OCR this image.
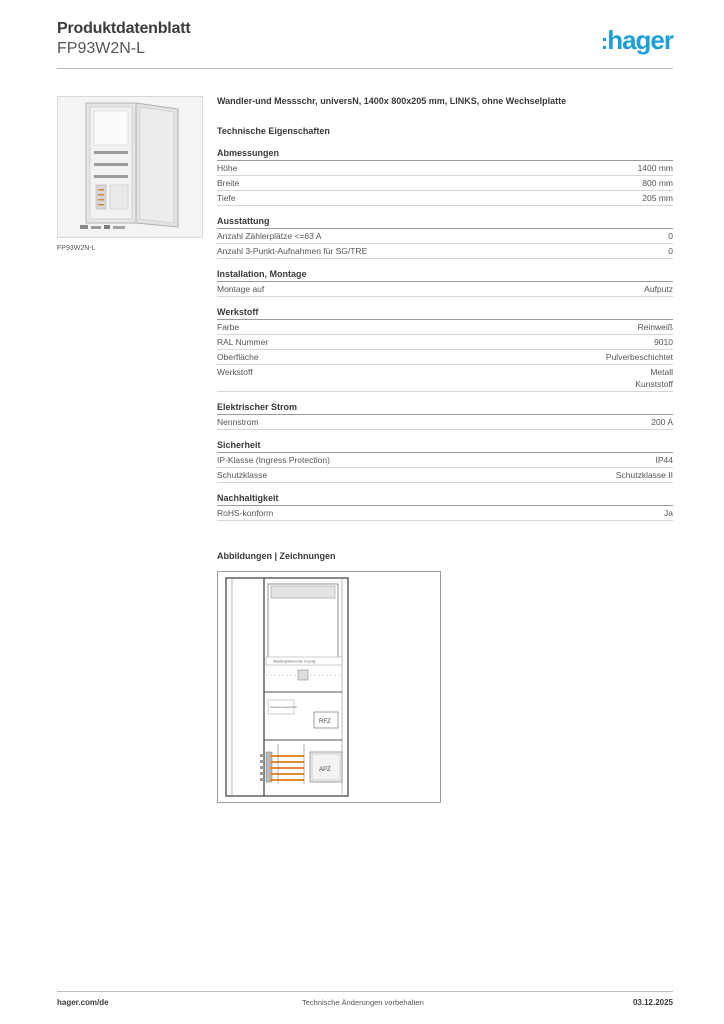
Produktdatenblatt
FP93W2N-L	:hager
FP93W2N-L
Wandler-und Messschr, universN, 1400x 800x205 mm, LINKS, ohne Wechselplatte
Technische Eigenschaften
Abmessungen
Höhe	1400 mm
Breite	800 mm
Tiefe	205 mm
Ausstattung
Anzahl Zählerplätze <=63 A	0
Anzahl 3-Punkt-Aufnahmen für SG/TRE	0
Installation, Montage
Montage auf	Aufputz
Werkstoff
Farbe	Reinweiß
RAL Nummer	9010
Oberfläche	Pulverbeschichtet
Werkstoff	Metall
Kunststoff
Elektrischer Strom
Nennstrom	200 A
Sicherheit
IP-Klasse (Ingress Protection)	IP44
Schutzklasse	Schutzklasse II
Nachhaltigkeit
RoHS-konform	Ja
Abbildungen | Zeichnungen
Wandlerplattenmodul 10-polig
Steuerleitungsabschnitt
RFZ
APZ
hager.com/de	Technische Änderungen vorbehalten	03.12.2025
